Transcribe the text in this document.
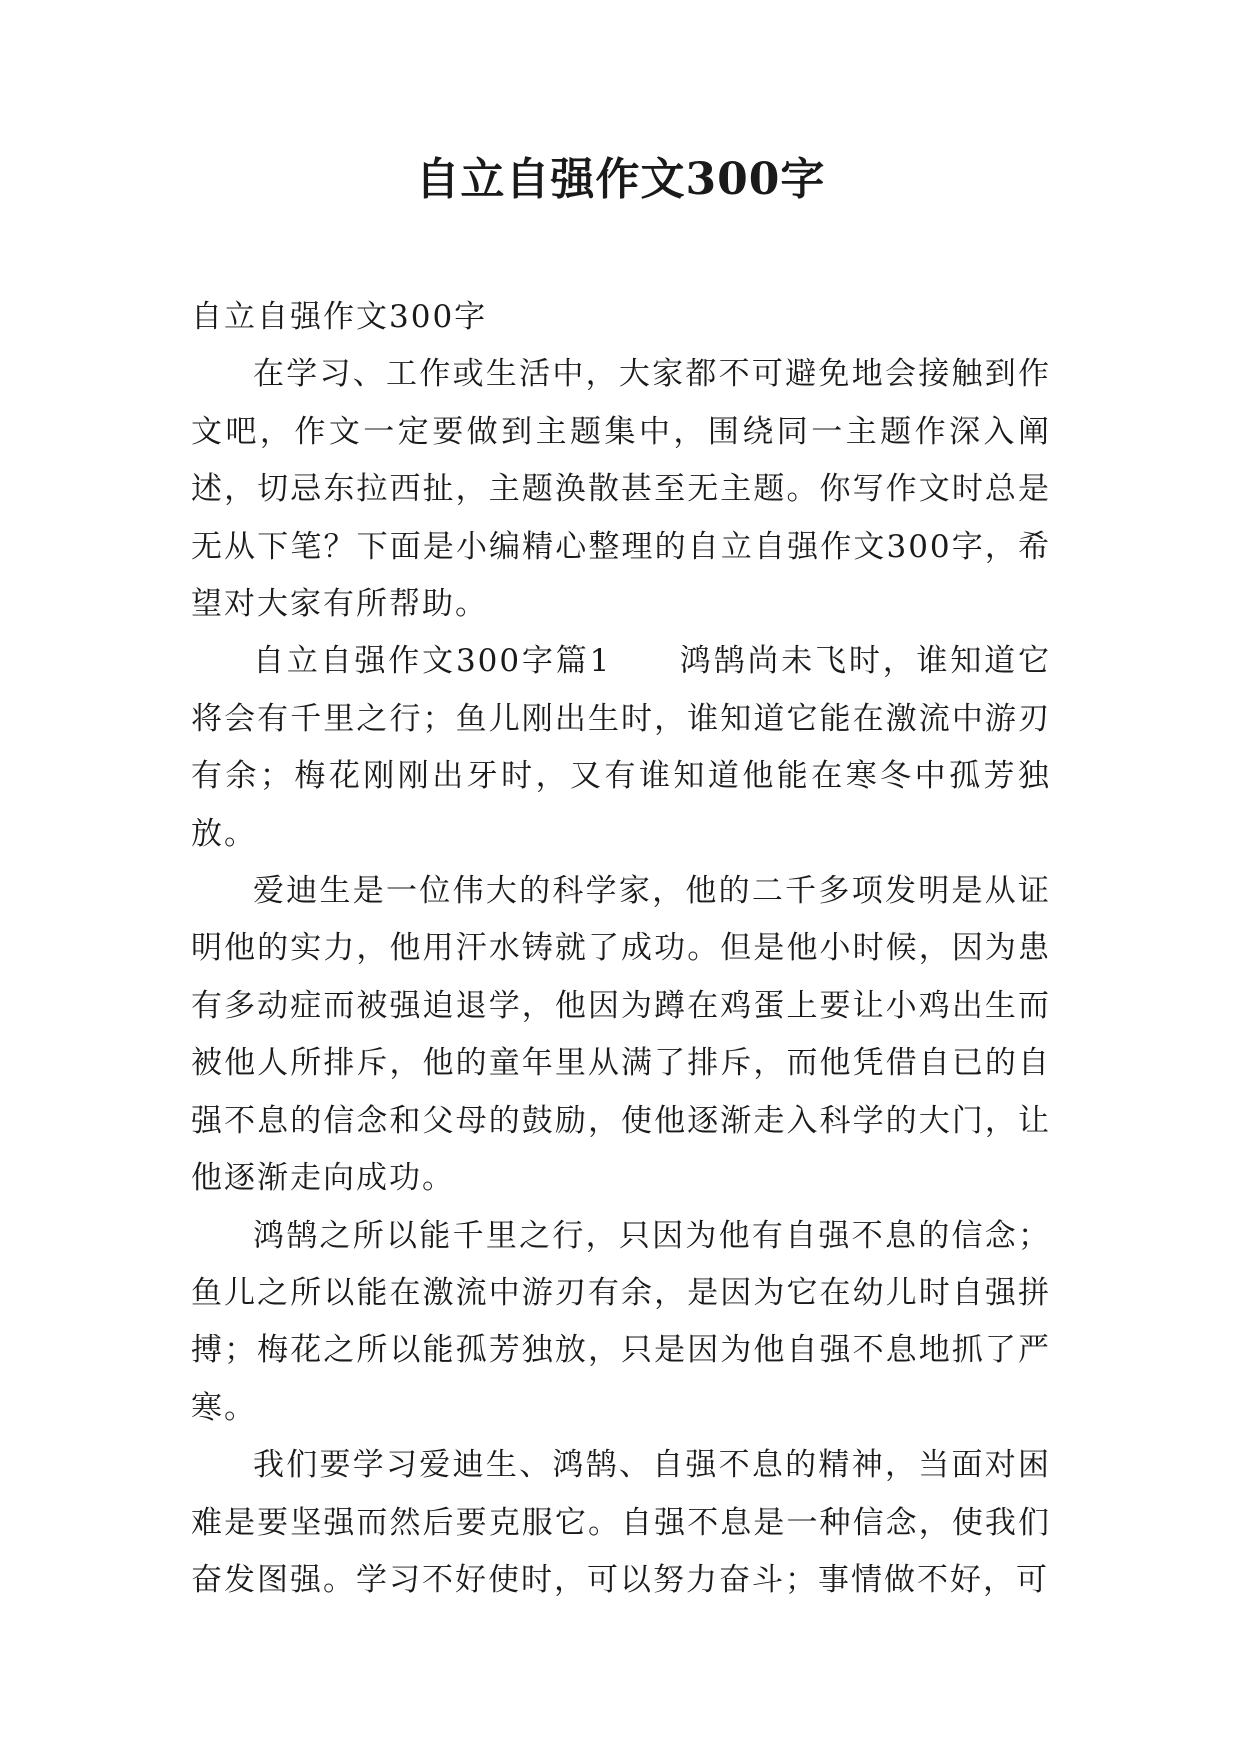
自立自强作文300字

自立自强作文300字

在学习、工作或生活中，大家都不可避免地会接触到作文吧，作文一定要做到主题集中，围绕同一主题作深入阐述，切忌东拉西扯，主题涣散甚至无主题。你写作文时总是无从下笔？下面是小编精心整理的自立自强作文300字，希望对大家有所帮助。

自立自强作文300字篇1　　鸿鹄尚未飞时，谁知道它将会有千里之行；鱼儿刚出生时，谁知道它能在激流中游刃有余；梅花刚刚出牙时，又有谁知道他能在寒冬中孤芳独放。

爱迪生是一位伟大的科学家，他的二千多项发明是从证明他的实力，他用汗水铸就了成功。但是他小时候，因为患有多动症而被强迫退学，他因为蹲在鸡蛋上要让小鸡出生而被他人所排斥，他的童年里从满了排斥，而他凭借自已的自强不息的信念和父母的鼓励，使他逐渐走入科学的大门，让他逐渐走向成功。

鸿鹄之所以能千里之行，只因为他有自强不息的信念；鱼儿之所以能在激流中游刃有余，是因为它在幼儿时自强拼搏；梅花之所以能孤芳独放，只是因为他自强不息地抓了严寒。

我们要学习爱迪生、鸿鹄、自强不息的精神，当面对困难是要坚强而然后要克服它。自强不息是一种信念，使我们奋发图强。学习不好使时，可以努力奋斗；事情做不好，可
